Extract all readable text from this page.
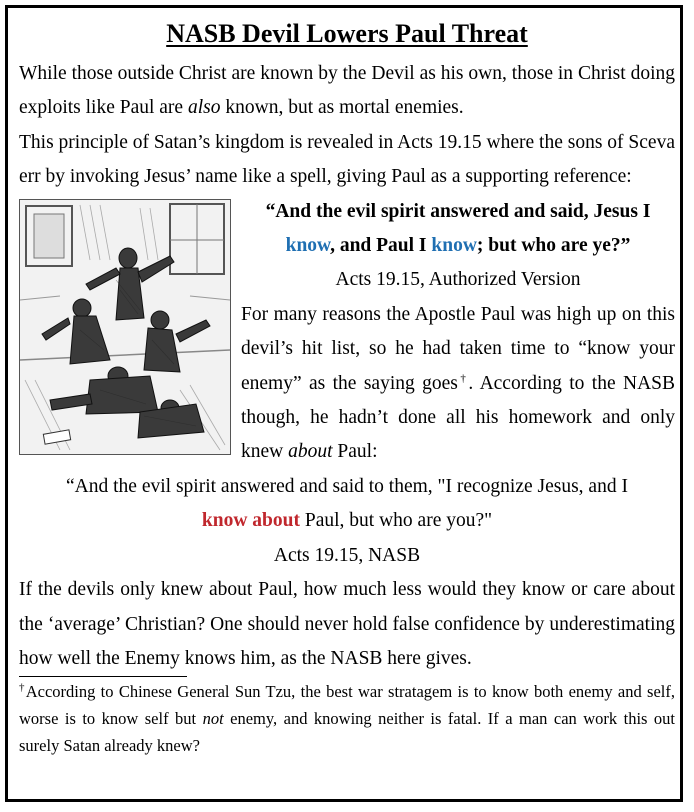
NASB Devil Lowers Paul Threat

While those outside Christ are known by the Devil as his own, those in Christ doing exploits like Paul are also known, but as mortal enemies.

This principle of Satan’s kingdom is revealed in Acts 19.15 where the sons of Sceva err by invoking Jesus’ name like a spell, giving Paul as a supporting reference:

“And the evil spirit answered and said, Jesus I know, and Paul I know; but who are ye?”

Acts 19.15, Authorized Version

For many reasons the Apostle Paul was high up on this devil’s hit list, so he had taken time to “know your enemy” as the saying goes†. According to the NASB though, he hadn’t done all his homework and only knew about Paul:

“And the evil spirit answered and said to them, "I recognize Jesus, and I
know about Paul, but who are you?"

Acts 19.15, NASB

If the devils only knew about Paul, how much less would they know or care about the ‘average’ Christian? One should never hold false confidence by underestimating how well the Enemy knows him, as the NASB here gives.

†According to Chinese General Sun Tzu, the best war stratagem is to know both enemy and self, worse is to know self but not enemy, and knowing neither is fatal. If a man can work this out surely Satan already knew?
